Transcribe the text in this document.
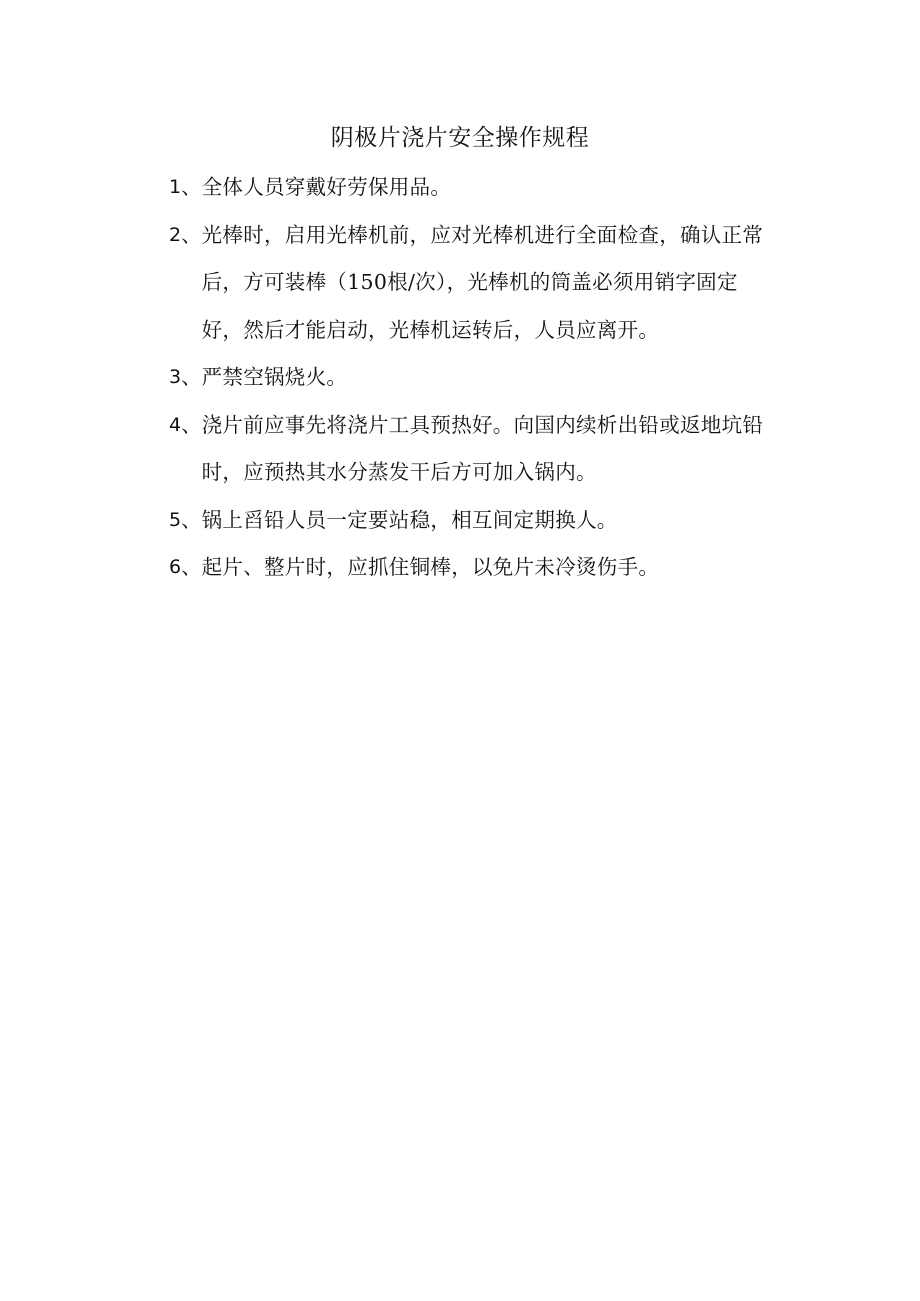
阴极片浇片安全操作规程
1 、 全体人员穿戴好劳保用品。
2 、 光棒时，启用光棒机前，应对光棒机进行全面检查，确认正常后，方可装棒（150根/次），光棒机的筒盖必须用销字固定好，然后才能启动，光棒机运转后，人员应离开。
3 、 严禁空锅烧火。
4 、 浇片前应事先将浇片工具预热好。向国内续析出铅或返地坑铅时，应预热其水分蒸发干后方可加入锅内。
5 、 锅上舀铅人员一定要站稳，相互间定期换人。
6 、 起片、整片时，应抓住铜棒，以免片未冷烫伤手。
